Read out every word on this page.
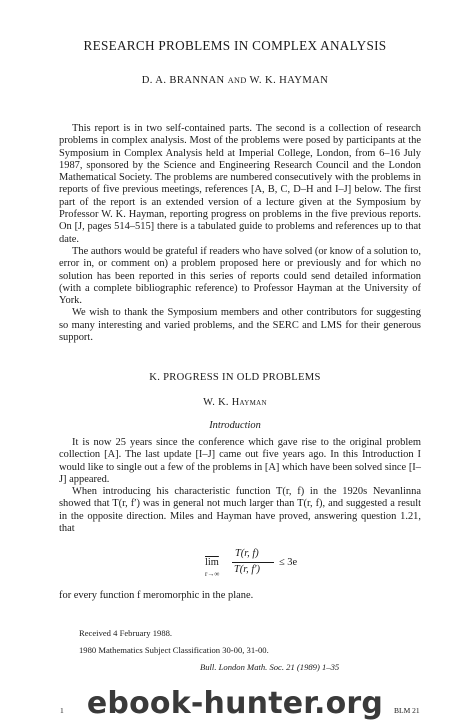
RESEARCH PROBLEMS IN COMPLEX ANALYSIS
D. A. BRANNAN AND W. K. HAYMAN

This report is in two self-contained parts. The second is a collection of research problems in complex analysis. Most of the problems were posed by participants at the Symposium in Complex Analysis held at Imperial College, London, from 6–16 July 1987, sponsored by the Science and Engineering Research Council and the London Mathematical Society. The problems are numbered consecutively with the problems in reports of five previous meetings, references [A, B, C, D–H and I–J] below. The first part of the report is an extended version of a lecture given at the Symposium by Professor W. K. Hayman, reporting progress on problems in the five previous reports. On [J, pages 514–515] there is a tabulated guide to problems and references up to that date.

The authors would be grateful if readers who have solved (or know of a solution to, error in, or comment on) a problem proposed here or previously and for which no solution has been reported in this series of reports could send detailed information (with a complete bibliographic reference) to Professor Hayman at the University of York.

We wish to thank the Symposium members and other contributors for suggesting so many interesting and varied problems, and the SERC and LMS for their generous support.

K. PROGRESS IN OLD PROBLEMS
W. K. Hayman
Introduction

It is now 25 years since the conference which gave rise to the original problem collection [A]. The last update [I–J] came out five years ago. In this Introduction I would like to single out a few of the problems in [A] which have been solved since [I–J] appeared.

When introducing his characteristic function T(r, f) in the 1920s Nevanlinna showed that T(r, f′) was in general not much larger than T(r, f), and suggested a result in the opposite direction. Miles and Hayman have proved, answering question 1.21, that

$\overline{lim}$
r→∞
T(r, f)
T(r, f′)
≤ 3e
for every function f meromorphic in the plane.
Received 4 February 1988.
1980 Mathematics Subject Classification 30-00, 31-00.
Bull. London Math. Soc. 21 (1989) 1–35
1	BLM 21
ebook-hunter.org
